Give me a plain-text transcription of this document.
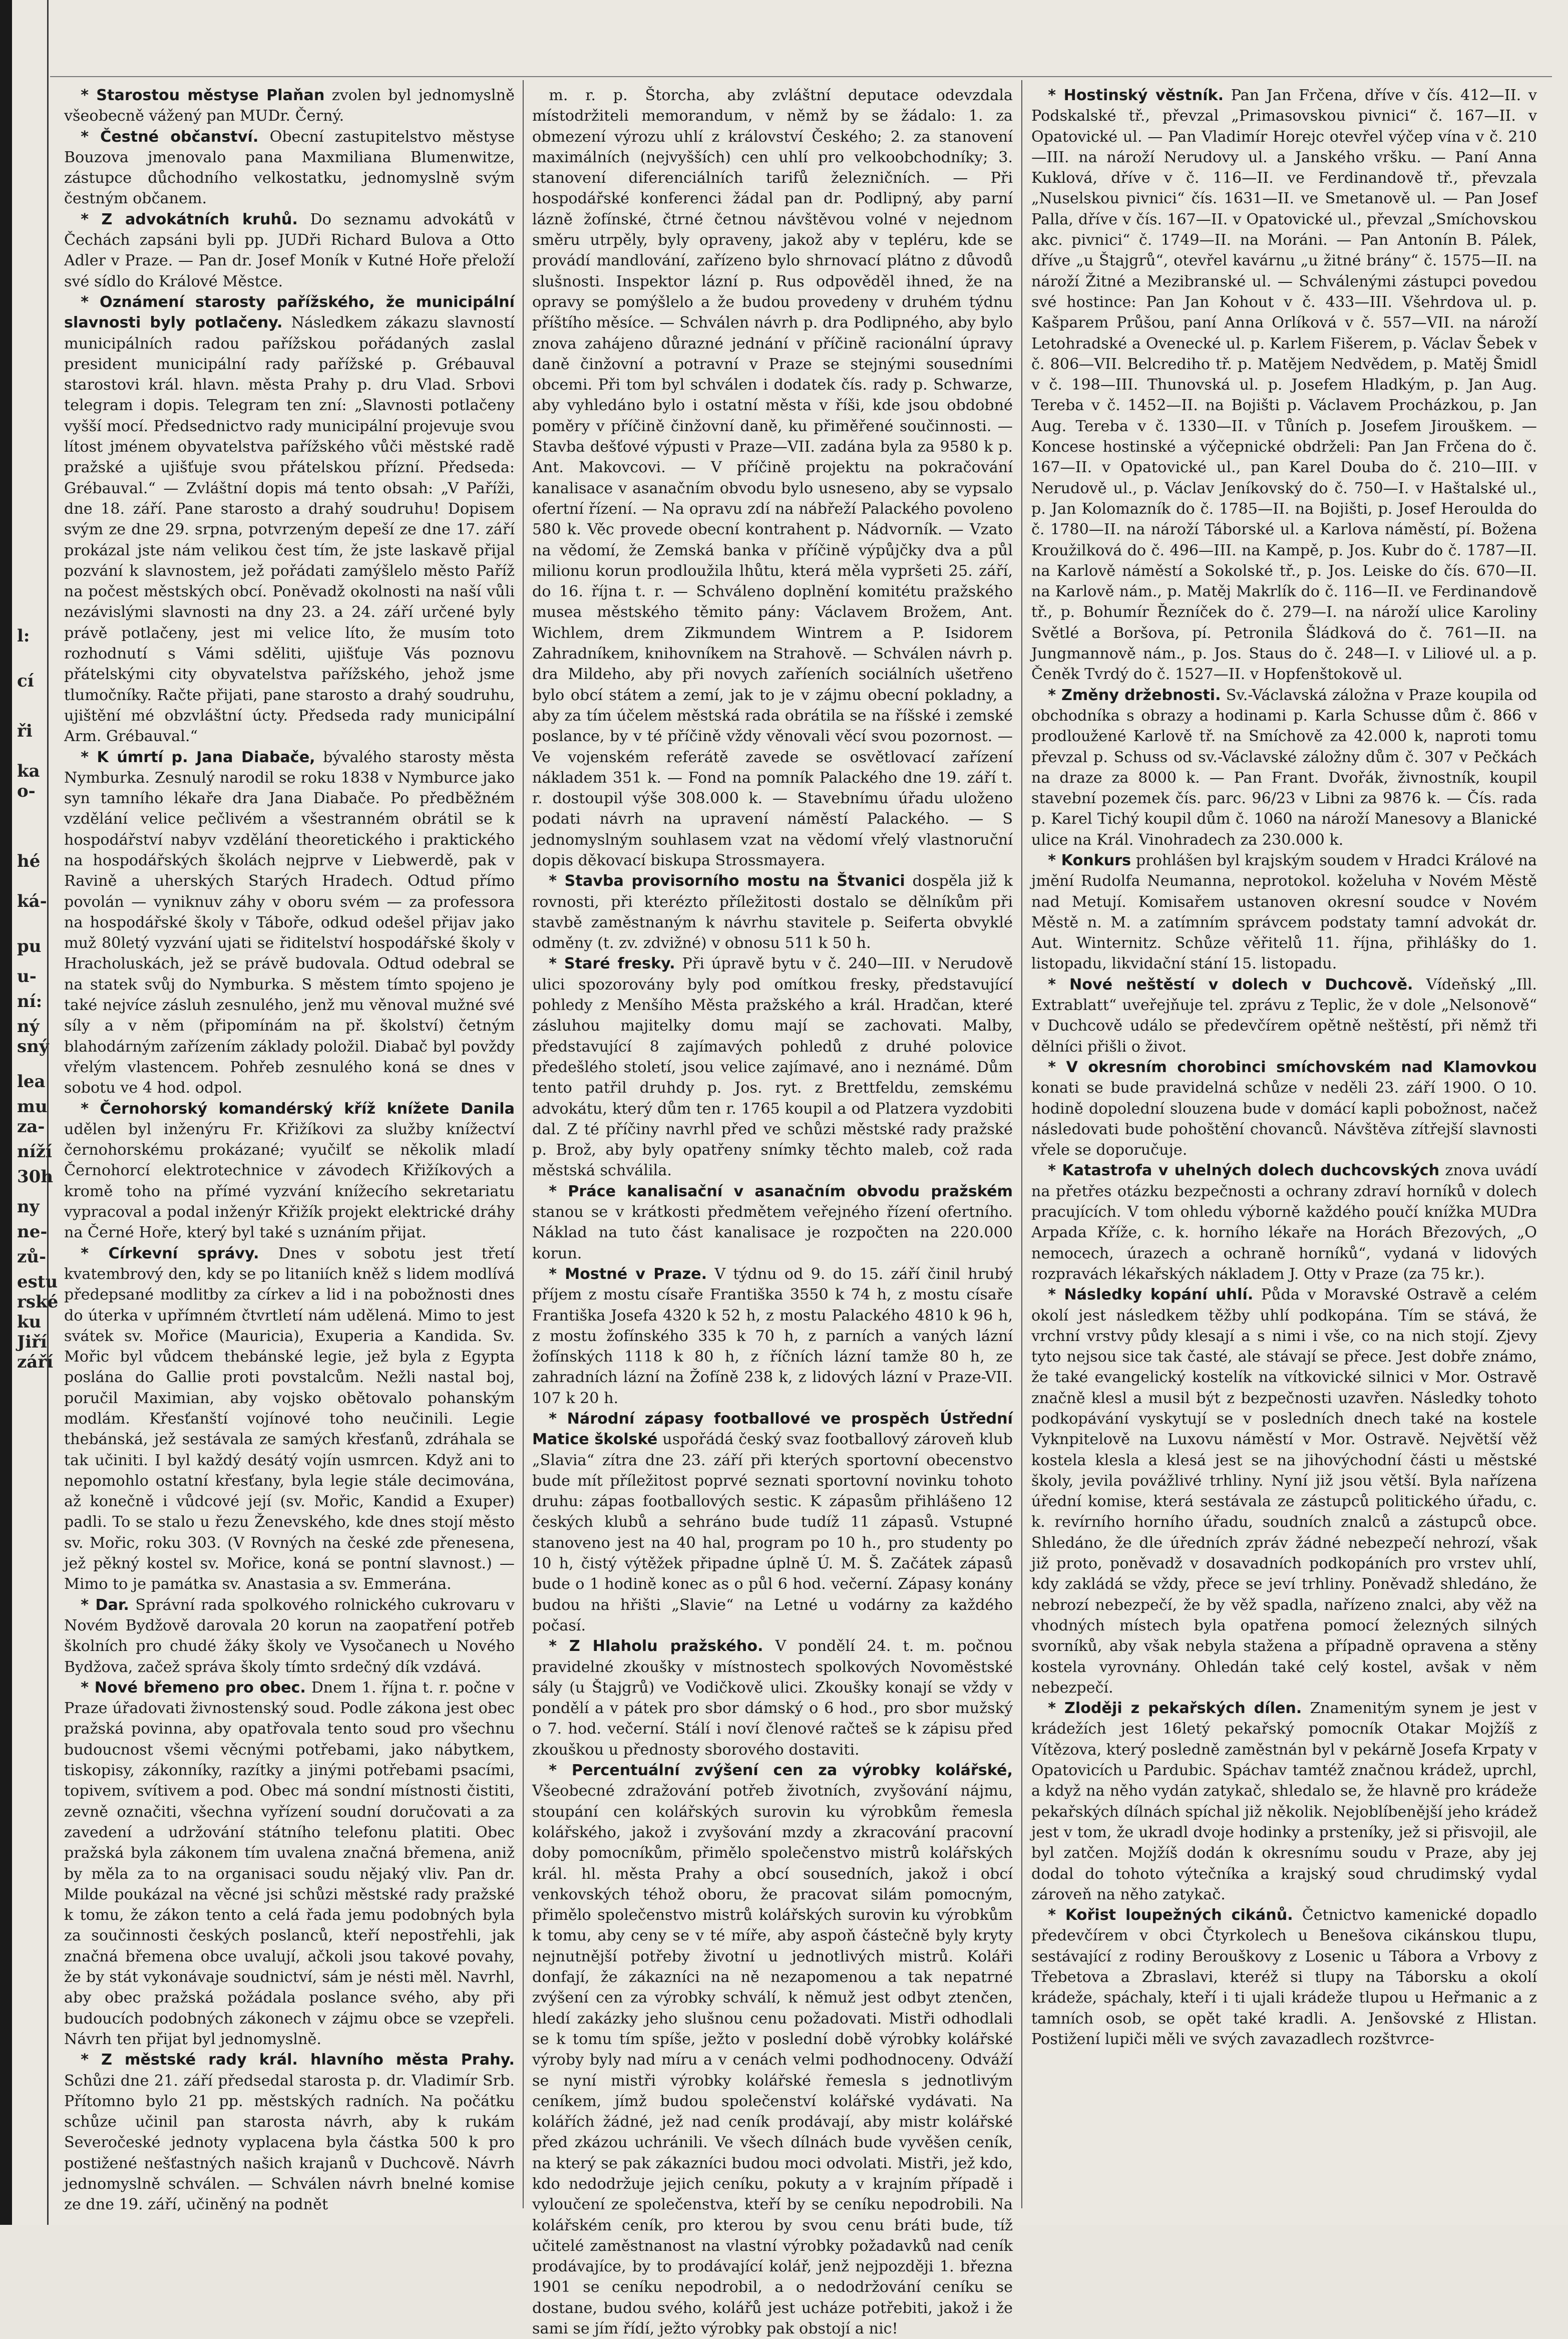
l:
cí
ři
ka
o-
hé
ká-
pu
u-
ní:
ný
sný
lea
mu
za-
níží
30h
ny
ne-
zů-
estu
rské
ku
Jiří
září

* Starostou městyse Plaňan zvolen byl jednomyslně všeobecně vážený pan MUDr. Černý.

* Čestné občanství. Obecní zastupitelstvo městyse Bouzova jmenovalo pana Maxmiliana Blumenwitze, zástupce důchodního velkostatku, jednomyslně svým čestným občanem.

* Z advokátních kruhů. Do seznamu advokátů v Čechách zapsáni byli pp. JUDři Richard Bulova a Otto Adler v Praze. — Pan dr. Josef Moník v Kutné Hoře přeloží své sídlo do Králové Městce.

* Oznámení starosty pařížského, že municipální slavnosti byly potlačeny. Následkem zákazu slavností municipálních radou pařížskou pořádaných zaslal president municipální rady pařížské p. Grébauval starostovi král. hlavn. města Prahy p. dru Vlad. Srbovi telegram i dopis. Telegram ten zní: „Slavnosti potlačeny vyšší mocí. Předsednictvo rady municipální projevuje svou lítost jménem obyvatelstva pařížského vůči městské radě pražské a ujišťuje svou přátelskou přízní. Předseda: Grébauval.“ — Zvláštní dopis má tento obsah: „V Paříži, dne 18. září. Pane starosto a drahý soudruhu! Dopisem svým ze dne 29. srpna, potvrzeným depeší ze dne 17. září prokázal jste nám velikou čest tím, že jste laskavě přijal pozvání k slavnostem, jež pořádati zamýšlelo město Paříž na počest městských obcí. Poněvadž okolnosti na naší vůli nezávislými slavnosti na dny 23. a 24. září určené byly právě potlačeny, jest mi velice líto, že musím toto rozhodnutí s Vámi sděliti, ujišťuje Vás poznovu přátelskými city obyvatelstva pařížského, jehož jsme tlumočníky. Račte přijati, pane starosto a drahý soudruhu, ujištění mé obzvláštní úcty. Předseda rady municipální Arm. Grébauval.“

* K úmrtí p. Jana Diabače, bývalého starosty města Nymburka. Zesnulý narodil se roku 1838 v Nymburce jako syn tamního lékaře dra Jana Diabače. Po předběžném vzdělání velice pečlivém a všestranném obrátil se k hospodářství nabyv vzdělání theoretického i praktického na hospodářských školách nejprve v Liebwerdě, pak v Ravině a uherských Starých Hradech. Odtud přímo povolán — vyniknuv záhy v oboru svém — za professora na hospodářské školy v Táboře, odkud odešel přijav jako muž 80letý vyzvání ujati se řiditelství hospodářské školy v Hracholuskách, jež se právě budovala. Odtud odebral se na statek svůj do Nymburka. S městem tímto spojeno je také nejvíce zásluh zesnulého, jenž mu věnoval mužné své síly a v něm (připomínám na př. školství) četným blahodárným zařízením základy položil. Diabač byl povždy vřelým vlastencem. Pohřeb zesnulého koná se dnes v sobotu ve 4 hod. odpol.

* Černohorský komandérský kříž knížete Danila udělen byl inženýru Fr. Křižíkovi za služby knížectví černohorskému prokázané; vyučilť se několik mladí Černohorcí elektrotechnice v závodech Křižíkových a kromě toho na přímé vyzvání knížecího sekretariatu vypracoval a podal inženýr Křižík projekt elektrické dráhy na Černé Hoře, který byl také s uznáním přijat.

* Církevní správy. Dnes v sobotu jest třetí kvatembrový den, kdy se po litaniích kněž s lidem modlívá předepsané modlitby za církev a lid i na pobožnosti dnes do úterka v upřímném čtvrtletí nám udělená. Mimo to jest svátek sv. Mořice (Mauricia), Exuperia a Kandida. Sv. Mořic byl vůdcem thebánské legie, jež byla z Egypta poslána do Gallie proti povstalcům. Nežli nastal boj, poručil Maximian, aby vojsko obětovalo pohanským modlám. Křesťanští vojínové toho neučinili. Legie thebánská, jež sestávala ze samých křesťanů, zdráhala se tak učiniti. I byl každý desátý vojín usmrcen. Když ani to nepomohlo ostatní křesťany, byla legie stále decimována, až konečně i vůdcové její (sv. Mořic, Kandid a Exuper) padli. To se stalo u řezu Ženevského, kde dnes stojí město sv. Mořic, roku 303. (V Rovných na české zde přenesena, jež pěkný kostel sv. Mořice, koná se pontní slavnost.) — Mimo to je památka sv. Anastasia a sv. Emmeránа.

* Dar. Správní rada spolkového rolnického cukrovaru v Novém Bydžově darovala 20 korun na zaopatření potřeb školních pro chudé žáky školy ve Vysočanech u Nového Bydžova, začež správa školy tímto srdečný dík vzdává.

* Nové břemeno pro obec. Dnem 1. října t. r. počne v Praze úřadovati živnostenský soud. Podle zákona jest obec pražská povinna, aby opatřovala tento soud pro všechnu budoucnost všemi věcnými potřebami, jako nábytkem, tiskopisy, zákonníky, razítky a jinými potřebami psacími, topivem, svítivem a pod. Obec má sondní místnosti čistiti, zevně označiti, všechna vyřízení soudní doručovati a za zavedení a udržování státního telefonu platiti. Obec pražská byla zákonem tím uvalena značná břemena, aniž by měla za to na organisaci soudu nějaký vliv. Pan dr. Milde poukázal na věcné jsi schůzi městské rady pražské k tomu, že zákon tento a celá řada jemu podobných byla za součinnosti českých poslanců, kteří nepostřehli, jak značná břemena obce uvalují, ačkoli jsou takové povahy, že by stát vykonávaje soudnictví, sám je nésti měl. Navrhl, aby obec pražská požádala poslance svého, aby při budoucích podobných zákonech v zájmu obce se vzepřeli. Návrh ten přijat byl jednomyslně.

* Z městské rady král. hlavního města Prahy. Schůzi dne 21. září předsedal starosta p. dr. Vladimír Srb. Přítomno bylo 21 pp. městských radních. Na počátku schůze učinil pan starosta návrh, aby k rukám Severočeské jednoty vyplacena byla částka 500 k pro postižené nešťastných našich krajanů v Duchcově. Návrh jednomyslně schválen. — Schválen návrh bnelné komise ze dne 19. září, učiněný na podnět

m. r. p. Štorcha, aby zvláštní deputace odevzdala místodržiteli memorandum, v němž by se žádalo: 1. za obmezení výrozu uhlí z království Českého; 2. za stanovení maximálních (nejvyšších) cen uhlí pro velkoobchodníky; 3. stanovení diferenciálních tarifů železničních. — Při hospodářské konferenci žádal pan dr. Podlipný, aby parní lázně žofínské, čtrné četnou návštěvou volné v nejednom směru utrpěly, byly opraveny, jakož aby v tepléru, kde se provádí mandlování, zařízeno bylo shrnovací plátno z důvodů slušnosti. Inspektor lázní p. Rus odpověděl ihned, že na opravy se pomýšlelo a že budou provedeny v druhém týdnu příštího měsíce. — Schválen návrh p. dra Podlipného, aby bylo znova zahájeno důrazné jednání v příčině racionální úpravy daně činžovní a potravní v Praze se stejnými sousedními obcemi. Při tom byl schválen i dodatek čís. rady p. Schwarze, aby vyhledáno bylo i ostatní města v říši, kde jsou obdobné poměry v příčině činžovní daně, ku přiměřené součinnosti. — Stavba dešťové výpusti v Praze—VII. zadána byla za 9580 k p. Ant. Makovcovi. — V příčině projektu na pokračování kanalisace v asanačním obvodu bylo usneseno, aby se vypsalo ofertní řízení. — Na opravu zdí na nábřeží Palackého povoleno 580 k. Věc provede obecní kontrahent p. Nádvorník. — Vzato na vědomí, že Zemská banka v příčině výpůjčky dva a půl milionu korun prodloužila lhůtu, která měla vypršeti 25. září, do 16. října t. r. — Schváleno doplnění komitétu pražského musea městského těmito pány: Václavem Brožem, Ant. Wichlem, drem Zikmundem Wintrem a P. Isidorem Zahradníkem, knihovníkem na Strahově. — Schválen návrh p. dra Mildeho, aby při novych zaříeních sociálních ušetřeno bylo obcí státem a zemí, jak to je v zájmu obecní pokladny, a aby za tím účelem městská rada obrátila se na říšské i zemské poslance, by v té příčině vždy věnovali věcí svou pozornost. — Ve vojenském referátě zavede se osvětlovací zařízení nákladem 351 k. — Fond na pomník Palackého dne 19. září t. r. dostoupil výše 308.000 k. — Stavebnímu úřadu uloženo podati návrh na upravení náměstí Palackého. — S jednomyslným souhlasem vzat na vědomí vřelý vlastnoruční dopis děkovací biskupa Strossmayera.

* Stavba provisorního mostu na Štvanici dospěla již k rovnosti, při kterézto příležitosti dostalo se dělníkům při stavbě zaměstnaným k návrhu stavitele p. Seiferta obvyklé odměny (t. zv. zdvižné) v obnosu 511 k 50 h.

* Staré fresky. Při úpravě bytu v č. 240—III. v Nerudově ulici spozorovány byly pod omítkou fresky, představující pohledy z Menšího Města pražského a král. Hradčan, které zásluhou majitelky domu mají se zachovati. Malby, představující 8 zajímavých pohledů z druhé polovice předešlého století, jsou velice zajímavé, ano i neznámé. Dům tento patřil druhdy p. Jos. ryt. z Brettfeldu, zemskému advokátu, který dům ten r. 1765 koupil a od Platzera vyzdobiti dal. Z té příčiny navrhl před ve schůzi městské rady pražské p. Brož, aby byly opatřeny snímky těchto maleb, což rada městská schválila.

* Práce kanalisační v asanačním obvodu pražském stanou se v krátkosti předmětem veřejného řízení ofertního. Náklad na tuto část kanalisace je rozpočten na 220.000 korun.

* Mostné v Praze. V týdnu od 9. do 15. září činil hrubý příjem z mostu císaře Františka 3550 k 74 h, z mostu císaře Františka Josefa 4320 k 52 h, z mostu Palackého 4810 k 96 h, z mostu žofínského 335 k 70 h, z parních a vaných lázní žofínských 1118 k 80 h, z říčních lázní tamže 80 h, ze zahradních lázní na Žofíně 238 k, z lidových lázní v Praze-VII. 107 k 20 h.

* Národní zápasy footballové ve prospěch Ústřední Matice školské uspořádá český svaz footballový zároveň klub „Slavia“ zítra dne 23. září při kterých sportovní obecenstvo bude mít příležitost poprvé seznati sportovní novinku tohoto druhu: zápas footballových sestic. K zápasům přihlášeno 12 českých klubů a sehráno bude tudíž 11 zápasů. Vstupné stanoveno jest na 40 hal, program po 10 h., pro studenty po 10 h, čistý výtěžek připadne úplně Ú. M. Š. Začátek zápasů bude o 1 hodině konec as o půl 6 hod. večerní. Zápasy konány budou na hřišti „Slavie“ na Letné u vodárny za každého počasí.

* Z Hlaholu pražského. V pondělí 24. t. m. počnou pravidelné zkoušky v místnostech spolkových Novoměstské sály (u Štajgrů) ve Vodičkově ulici. Zkoušky konají se vždy v pondělí a v pátek pro sbor dámský o 6 hod., pro sbor mužský o 7. hod. večerní. Stálí i noví členové račteš se k zápisu před zkouškou u přednosty sborového dostaviti.

* Percentuální zvýšení cen za výrobky kolářské, Všeobecné zdražování potřeb životních, zvyšování nájmu, stoupání cen kolářských surovin ku výrobkům řemesla kolářského, jakož i zvyšování mzdy a zkracování pracovní doby pomocníkům, přimělo společenstvo mistrů kolářských král. hl. města Prahy a obcí sousedních, jakož i obcí venkovských téhož oboru, že pracovat silám pomocným, přimělo společenstvo mistrů kolářských surovin ku výrobkům k tomu, aby ceny se v té míře, aby aspoň částečně byly kryty nejnutnější potřeby životní u jednotlivých mistrů. Koláři donfají, že zákazníci na ně nezapomenou a tak nepatrné zvýšení cen za výrobky schválí, k němuž jest odbyt ztenčen, hledí zakázky jeho slušnou cenu požadovati. Mistři odhodlali se k tomu tím spíše, ježto v poslední době výrobky kolářské výroby byly nad míru a v cenách velmi podhodnoceny. Odváží se nyní mistři výrobky kolářské řemesla s jednotlivým ceníkem, jímž budou společenství kolářské vydávati. Na kolářích žádné, jež nad ceník prodávají, aby mistr kolářské před zkázou uchránili. Ve všech dílnách bude vyvěšen ceník, na který se pak zákazníci budou moci odvolati. Mistři, jež kdo, kdo nedodržuje jejich ceníku, pokuty a v krajním případě i vyloučení ze společenstva, kteří by se ceníku nepodrobili. Na kolářském ceník, pro kterou by svou cenu bráti bude, tíž učitelé zaměstnanost na vlastní výrobky požadavků nad ceník prodávajíce, by to prodávající kolář, jenž nejpozději 1. března 1901 se ceníku nepodrobil, a o nedodržování ceníku se dostane, budou svého, kolářů jest ucháze potřebiti, jakož i že sami se jím řídí, ježto výrobky pak obstojí a nic!

* Hostinský věstník. Pan Jan Frčena, dříve v čís. 412—II. v Podskalské tř., převzal „Primasovskou pivnici“ č. 167—II. v Opatovické ul. — Pan Vladimír Horejc otevřel výčep vína v č. 210—III. na nároží Nerudovy ul. a Janského vršku. — Paní Anna Kuklová, dříve v č. 116—II. ve Ferdinandově tř., převzala „Nuselskou pivnici“ čís. 1631—II. ve Smetanově ul. — Pan Josef Palla, dříve v čís. 167—II. v Opatovické ul., převzal „Smíchovskou akc. pivnici“ č. 1749—II. na Moráni. — Pan Antonín B. Pálek, dříve „u Štajgrů“, otevřel kavárnu „u žitné brány“ č. 1575—II. na nároží Žitné a Mezibranské ul. — Schválenými zástupci povedou své hostince: Pan Jan Kohout v č. 433—III. Všehrdova ul. p. Kašparem Průšou, paní Anna Orlíková v č. 557—VII. na nároží Letohradské a Ovenecké ul. p. Karlem Fišerem, p. Václav Šebek v č. 806—VII. Belcrediho tř. p. Matějem Nedvědem, p. Matěj Šmidl v č. 198—III. Thunovská ul. p. Josefem Hladkým, p. Jan Aug. Tereba v č. 1452—II. na Bojišti p. Václavem Procházkou, p. Jan Aug. Tereba v č. 1330—II. v Tůních p. Josefem Jirouškem. — Koncese hostinské a výčepnické obdrželi: Pan Jan Frčena do č. 167—II. v Opatovické ul., pan Karel Douba do č. 210—III. v Nerudově ul., p. Václav Jeníkovský do č. 750—I. v Haštalské ul., p. Jan Kolomazník do č. 1785—II. na Bojišti, p. Josef Heroulda do č. 1780—II. na nároží Táborské ul. a Karlova náměstí, pí. Božena Kroužilková do č. 496—III. na Kampě, p. Jos. Kubr do č. 1787—II. na Karlově náměstí a Sokolské tř., p. Jos. Leiske do čís. 670—II. na Karlově nám., p. Matěj Makrlík do č. 116—II. ve Ferdinandově tř., p. Bohumír Řezníček do č. 279—I. na nároží ulice Karoliny Světlé a Boršova, pí. Petronila Šládková do č. 761—II. na Jungmannově nám., p. Jos. Staus do č. 248—I. v Liliové ul. a p. Čeněk Tvrdý do č. 1527—II. v Hopfenštokově ul.

* Změny držebnosti. Sv.-Václavská záložna v Praze koupila od obchodníka s obrazy a hodinami p. Karla Schusse dům č. 866 v prodloužené Karlově tř. na Smíchově za 42.000 k, naproti tomu převzal p. Schuss od sv.-Václavské záložny dům č. 307 v Pečkách na draze za 8000 k. — Pan Frant. Dvořák, živnostník, koupil stavební pozemek čís. parc. 96/23 v Libni za 9876 k. — Čís. rada p. Karel Tichý koupil dům č. 1060 na nároží Manesovy a Blanické ulice na Král. Vinohradech za 230.000 k.

* Konkurs prohlášen byl krajským soudem v Hradci Králové na jmění Rudolfa Neumanna, neprotokol. koželuha v Novém Městě nad Metují. Komisařem ustanoven okresní soudce v Novém Městě n. M. a zatímním správcem podstaty tamní advokát dr. Aut. Winternitz. Schůze věřitelů 11. října, přihlášky do 1. listopadu, likvidační stání 15. listopadu.

* Nové neštěstí v dolech v Duchcově. Vídeňský „Ill. Extrablatt“ uveřejňuje tel. zprávu z Teplic, že v dole „Nelsonově“ v Duchcově událo se předevčírem opětně neštěstí, při němž tři dělníci přišli o život.

* V okresním chorobinci smíchovském nad Klamovkou konati se bude pravidelná schůze v neděli 23. září 1900. O 10. hodině dopolední slouzena bude v domácí kapli pobožnost, načež následovati bude pohoštění chovanců. Návštěva zítřejší slavnosti vřele se doporučuje.

* Katastrofa v uhelných dolech duchcovských znova uvádí na přetřes otázku bezpečnosti a ochrany zdraví horníků v dolech pracujících. V tom ohledu výborně každého poučí knížka MUDra Arpada Kříže, c. k. horního lékaře na Horách Březových, „O nemocech, úrazech a ochraně horníků“, vydaná v lidových rozpravách lékařských nákladem J. Otty v Praze (za 75 kr.).

* Následky kopání uhlí. Půda v Moravské Ostravě a celém okolí jest následkem těžby uhlí podkopána. Tím se stává, že vrchní vrstvy půdy klesají a s nimi i vše, co na nich stojí. Zjevy tyto nejsou sice tak časté, ale stávají se přece. Jest dobře známo, že také evangelický kostelík na vítkovické silnici v Mor. Ostravě značně klesl a musil být z bezpečnosti uzavřen. Následky tohoto podkopávání vyskytují se v posledních dnech také na kostele Vyknpitelově na Luxovu náměstí v Mor. Ostravě. Největší věž kostela klesla a klesá jest se na jihovýchodní části u městské školy, jevila povážlivé trhliny. Nyní již jsou větší. Byla nařízena úřední komise, která sestávala ze zástupců politického úřadu, c. k. revírního horního úřadu, soudních znalců a zástupců obce. Shledáno, že dle úředních zpráv žádné nebezpečí nehrozí, však již proto, poněvadž v dosavadních podkopáních pro vrstev uhlí, kdy zakládá se vždy, přece se jeví trhliny. Poněvadž shledáno, že nebrozí nebezpečí, že by věž spadla, nařízeno znalci, aby věž na vhodných místech byla opatřena pomocí železných silných svorníků, aby však nebyla stažena a případně opravena a stěny kostela vyrovnány. Ohledán také celý kostel, avšak v něm nebezpečí.

* Zloději z pekařských dílen. Znamenitým synem je jest v krádežích jest 16letý pekařský pomocník Otakar Mojžíš z Vítězova, který posledně zaměstnán byl v pekárně Josefa Krpaty v Opatovicích u Pardubic. Spáchav tamtéž značnou krádež, uprchl, a když na něho vydán zatykač, shledalo se, že hlavně pro krádeže pekařských dílnách spíchal již několik. Nejoblíbenější jeho krádež jest v tom, že ukradl dvoje hodinky a prsteníky, jež si přisvojil, ale byl zatčen. Mojžíš dodán k okresnímu soudu v Praze, aby jej dodal do tohoto výtečníka a krajský soud chrudimský vydal zároveň na něho zatykač.

* Kořist loupežných cikánů. Četnictvo kamenické dopadlo předevčírem v obci Čtyrkolech u Benešova cikánskou tlupu, sestávající z rodiny Berouškovy z Losenic u Tábora a Vrbovy z Třebetova a Zbraslavi, kteréž si tlupy na Táborsku a okolí krádeže, spáchaly, kteří i ti ujali krádeže tlupou u Heřmanic a z tamních osob, se opět také kradli. A. Jenšovské z Hlistan. Postižení lupiči měli ve svých zavazadlech rozštvrce-
